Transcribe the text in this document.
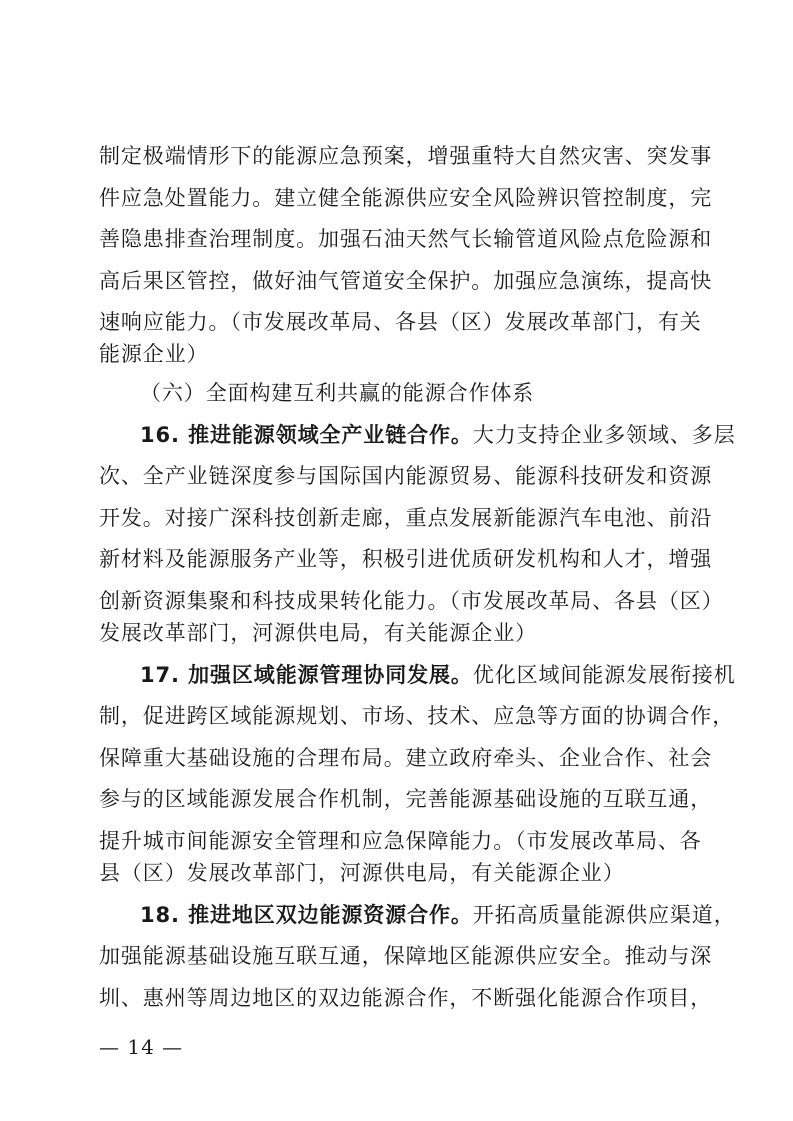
制定极端情形下的能源应急预案，增强重特大自然灾害、突发事
件应急处置能力。建立健全能源供应安全风险辨识管控制度，完
善隐患排查治理制度。加强石油天然气长输管道风险点危险源和
高后果区管控，做好油气管道安全保护。加强应急演练，提高快
速响应能力。（市发展改革局、各县（区）发展改革部门，有关
能源企业）
（六）全面构建互利共赢的能源合作体系
16. 推进能源领域全产业链合作。大力支持企业多领域、多层
次、全产业链深度参与国际国内能源贸易、能源科技研发和资源
开发。对接广深科技创新走廊，重点发展新能源汽车电池、前沿
新材料及能源服务产业等，积极引进优质研发机构和人才，增强
创新资源集聚和科技成果转化能力。（市发展改革局、各县（区）
发展改革部门，河源供电局，有关能源企业）
17. 加强区域能源管理协同发展。优化区域间能源发展衔接机
制，促进跨区域能源规划、市场、技术、应急等方面的协调合作，
保障重大基础设施的合理布局。建立政府牵头、企业合作、社会
参与的区域能源发展合作机制，完善能源基础设施的互联互通，
提升城市间能源安全管理和应急保障能力。（市发展改革局、各
县（区）发展改革部门，河源供电局，有关能源企业）
18. 推进地区双边能源资源合作。开拓高质量能源供应渠道，
加强能源基础设施互联互通，保障地区能源供应安全。推动与深
圳、惠州等周边地区的双边能源合作，不断强化能源合作项目，
— 14 —
